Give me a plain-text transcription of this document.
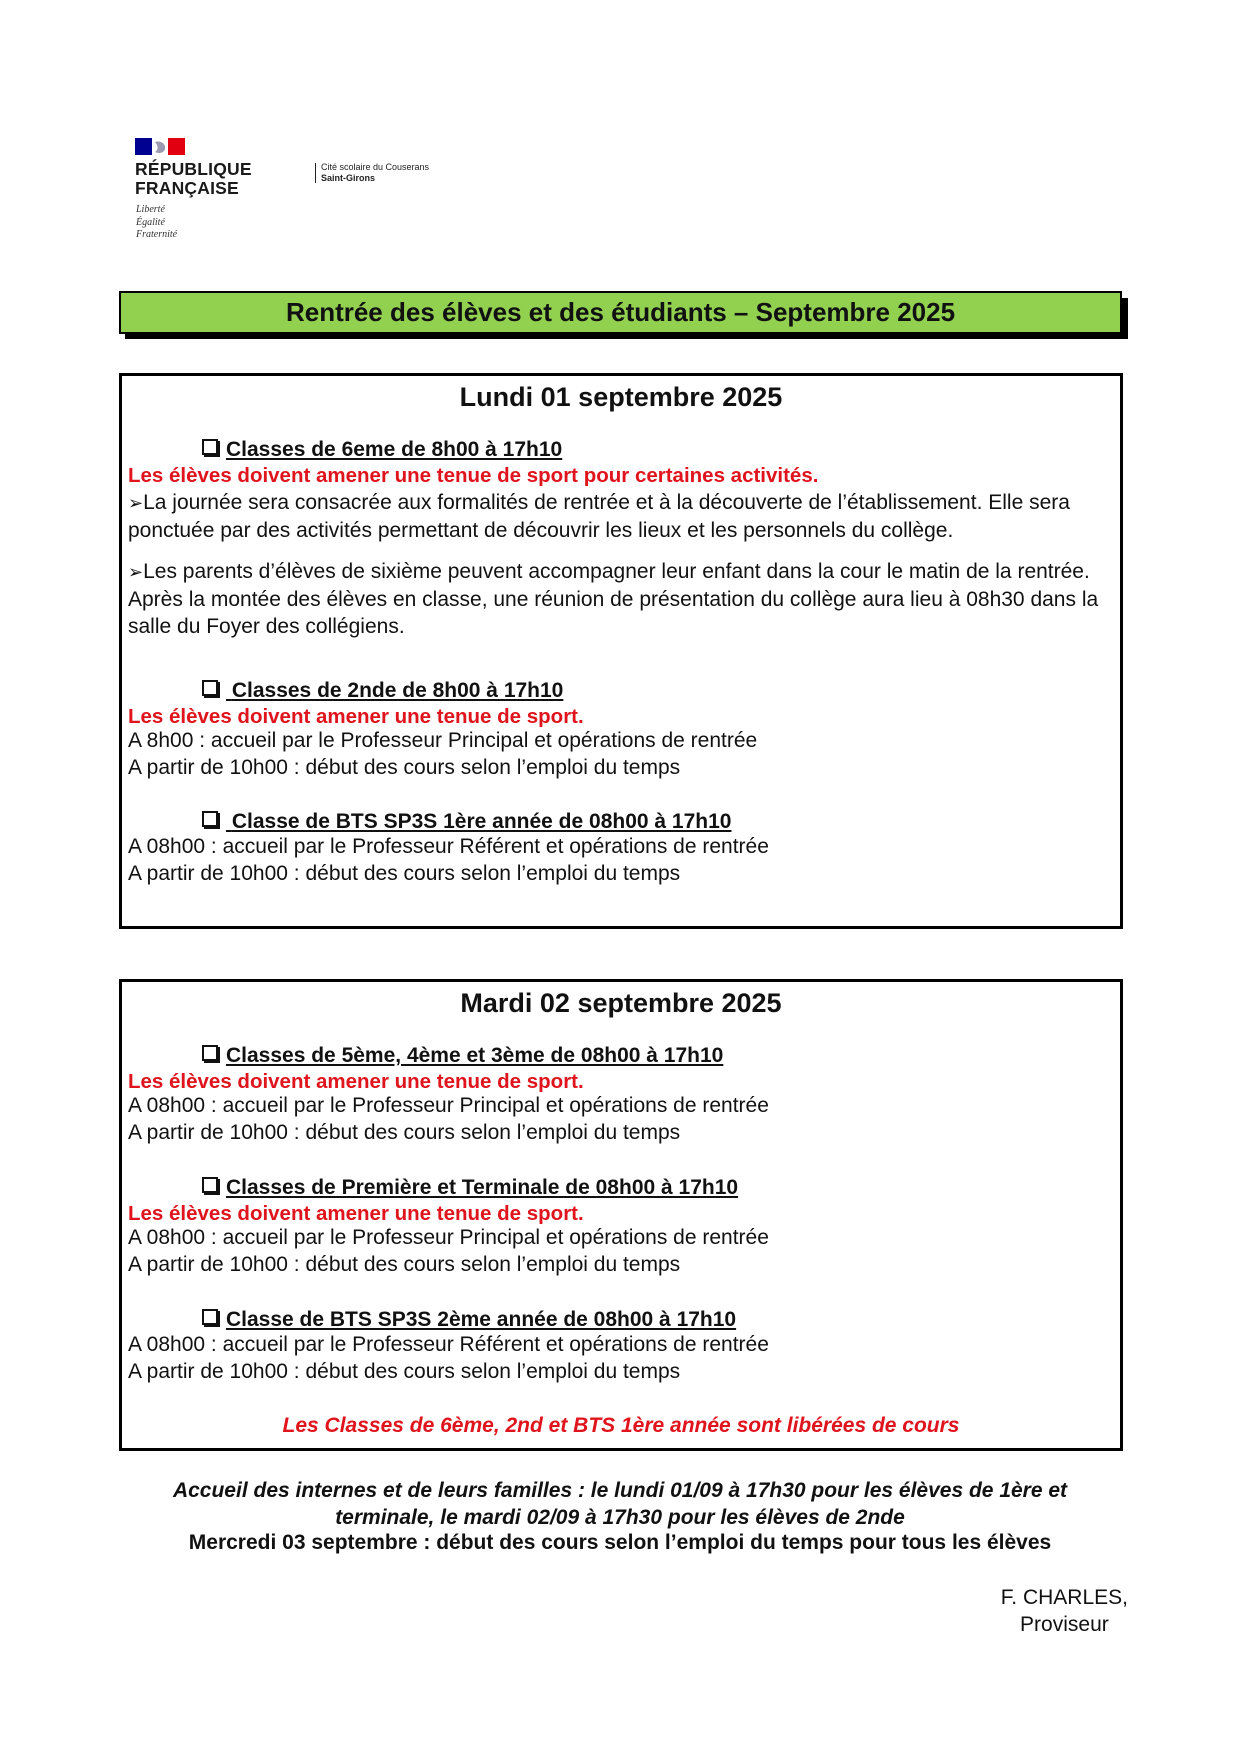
RÉPUBLIQUE
FRANÇAISE
Liberté
Égalité
Fraternité
Cité scolaire du Couserans
Saint-Girons
Rentrée des élèves et des étudiants – Septembre 2025
Lundi 01 septembre 2025
Classes de 6eme de 8h00 à 17h10
Les élèves doivent amener une tenue de sport pour certaines activités.
➢La journée sera consacrée aux formalités de rentrée et à la découverte de l’établissement. Elle sera ponctuée par des activités permettant de découvrir les lieux et les personnels du collège.
➢Les parents d’élèves de sixième peuvent accompagner leur enfant dans la cour le matin de la rentrée. Après la montée des élèves en classe, une réunion de présentation du collège aura lieu à 08h30 dans la salle du Foyer des collégiens.
Classes de 2nde de 8h00 à 17h10
Les élèves doivent amener une tenue de sport.
A 8h00 : accueil par le Professeur Principal et opérations de rentrée
A partir de 10h00 : début des cours selon l’emploi du temps
Classe de BTS SP3S 1ère année de 08h00 à 17h10
A 08h00 : accueil par le Professeur Référent et opérations de rentrée
A partir de 10h00 : début des cours selon l’emploi du temps
Mardi 02 septembre 2025
Classes de 5ème, 4ème et 3ème de 08h00 à 17h10
Les élèves doivent amener une tenue de sport.
A 08h00 : accueil par le Professeur Principal et opérations de rentrée
A partir de 10h00 : début des cours selon l’emploi du temps
Classes de Première et Terminale de 08h00 à 17h10
Les élèves doivent amener une tenue de sport.
A 08h00 : accueil par le Professeur Principal et opérations de rentrée
A partir de 10h00 : début des cours selon l’emploi du temps
Classe de BTS SP3S 2ème année de 08h00 à 17h10
A 08h00 : accueil par le Professeur Référent et opérations de rentrée
A partir de 10h00 : début des cours selon l’emploi du temps
Les Classes de 6ème, 2nd et BTS 1ère année sont libérées de cours
Accueil des internes et de leurs familles : le lundi 01/09 à 17h30 pour les élèves de 1ère et
terminale, le mardi 02/09 à 17h30 pour les élèves de 2nde
Mercredi 03 septembre : début des cours selon l’emploi du temps pour tous les élèves
F. CHARLES,
Proviseur
